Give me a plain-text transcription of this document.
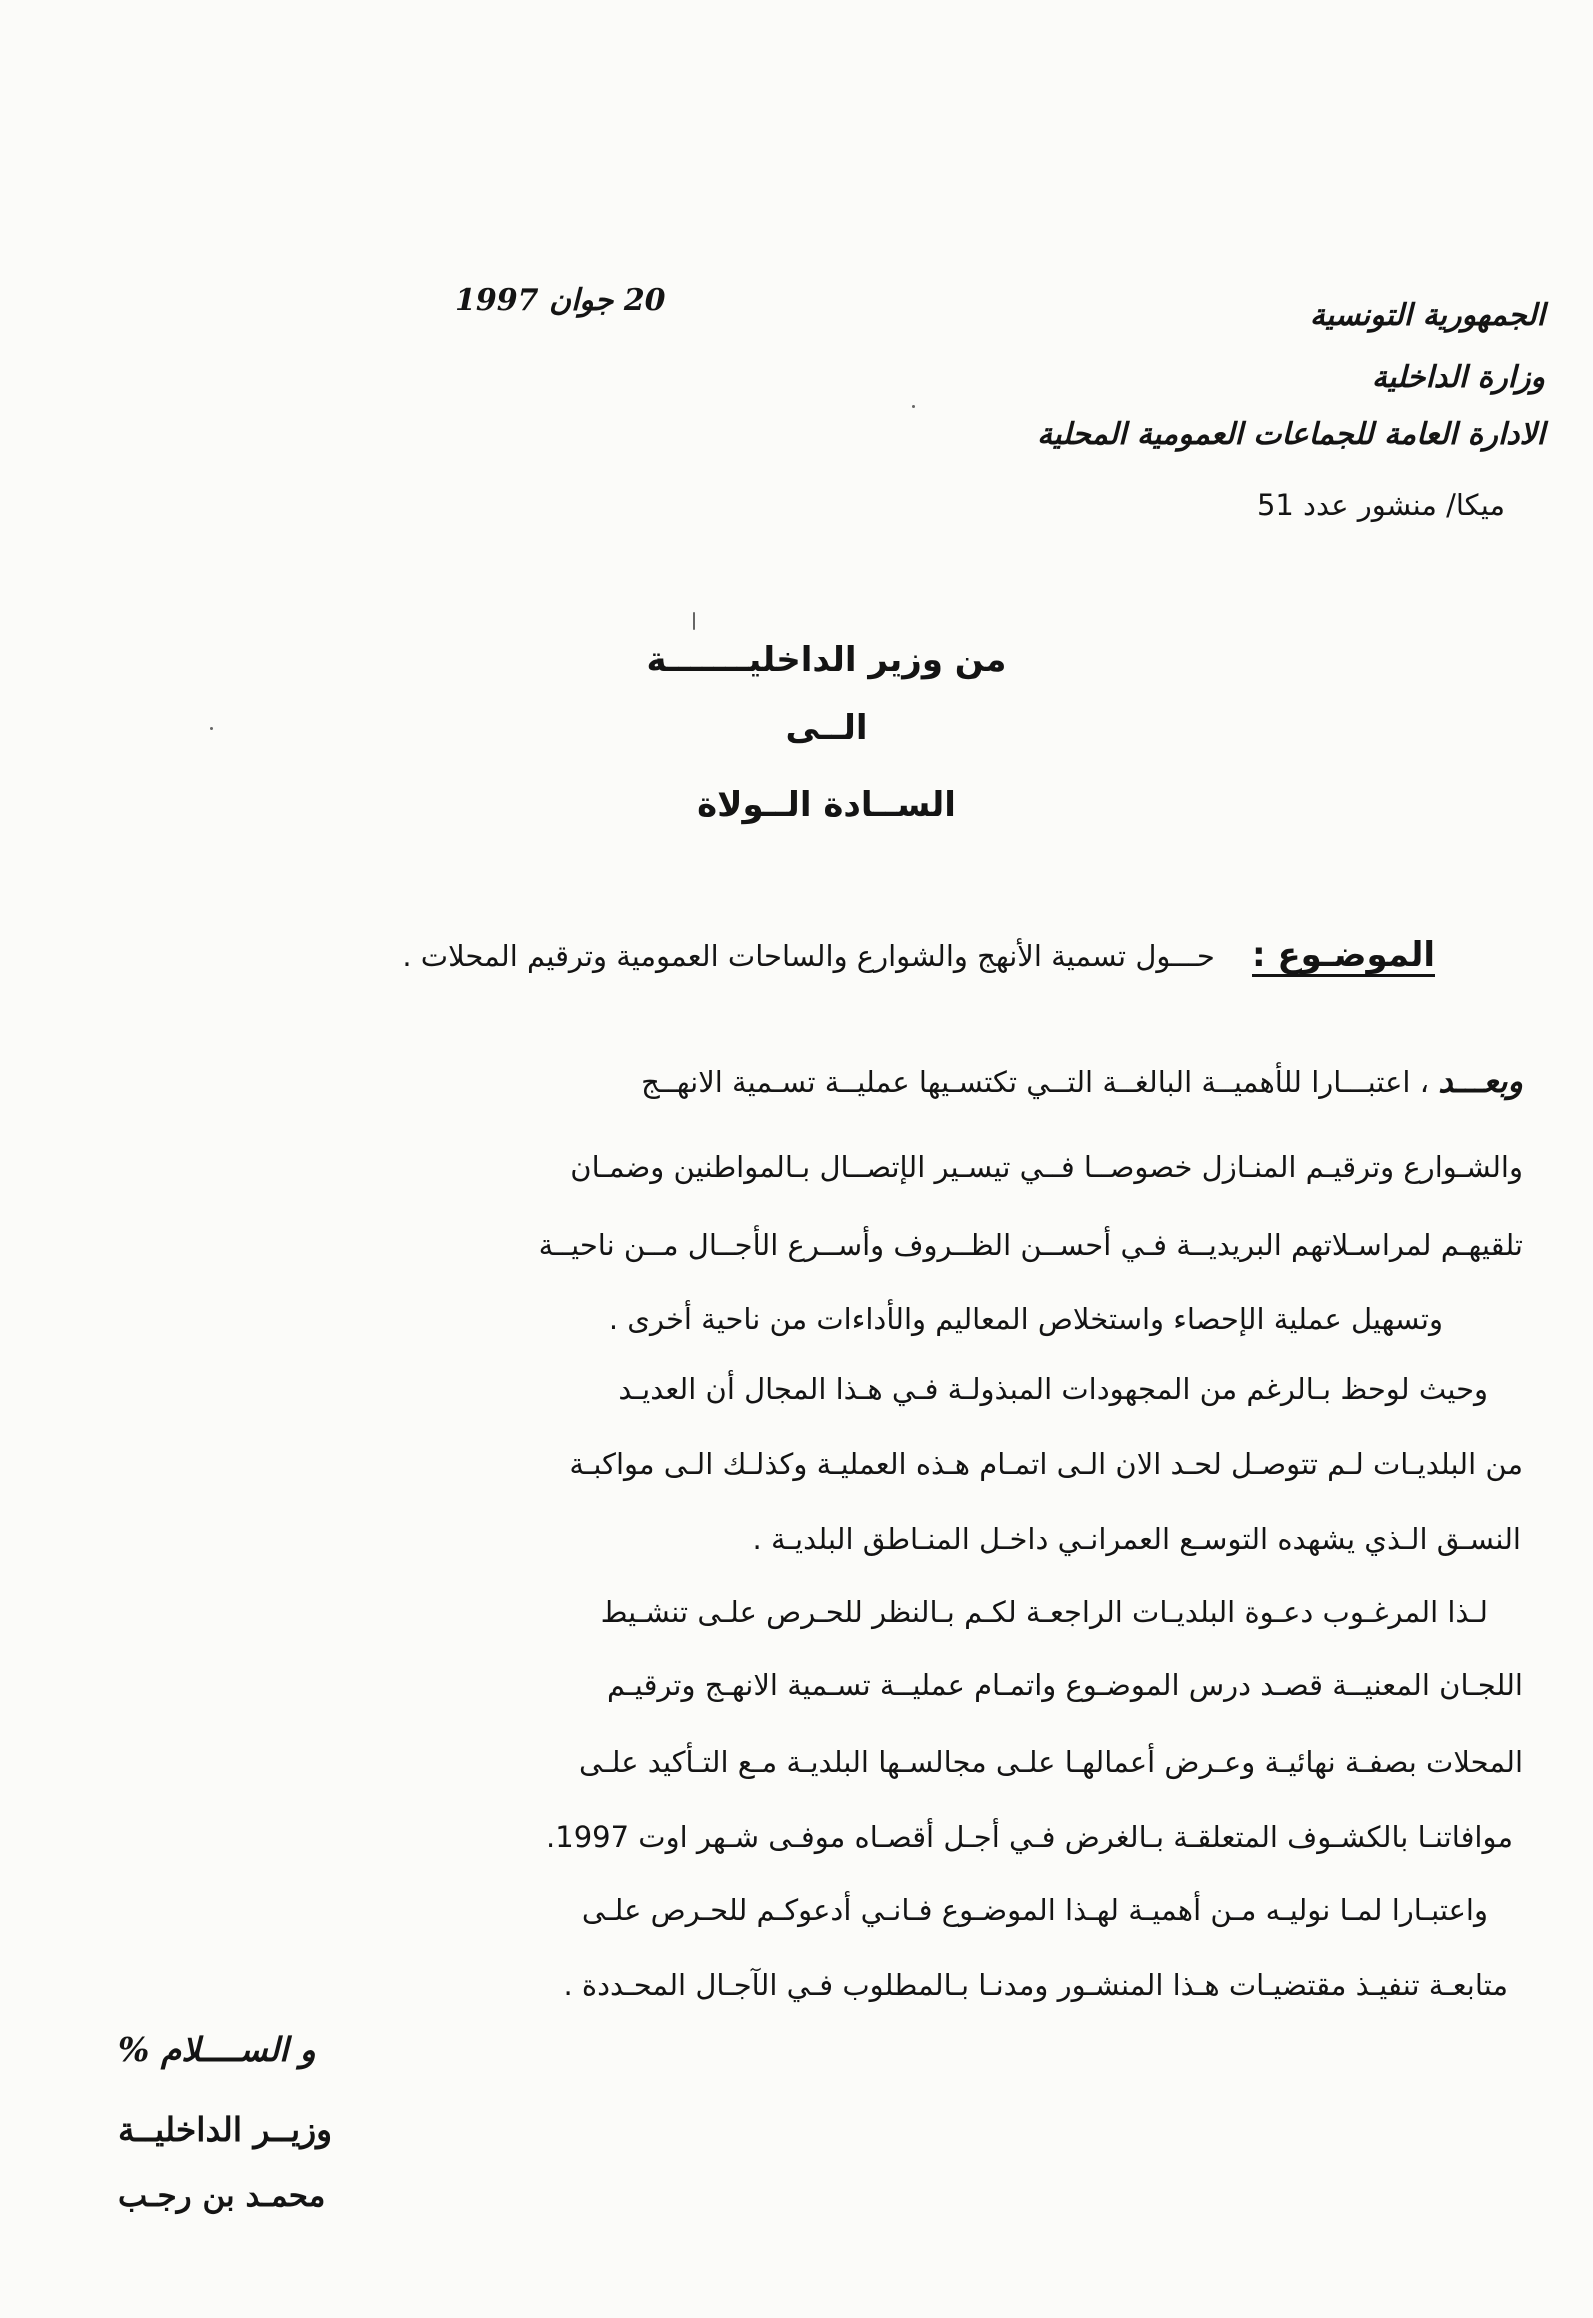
20 جوان 1997	الجمهورية التونسية
وزارة الداخلية
الادارة العامة للجماعات العمومية المحلية
ميكا/ منشور عدد 51
من وزير الداخليـــــــة
الــى
الســادة الــولاة
الموضـوع : حـــول تسمية الأنهج والشوارع والساحات العمومية وترقيم المحلات .
وبعـــد ، اعتبـــارا للأهميــة البالغــة التــي تكتسـيها عمليــة تسـمية الانهــج
والشـوارع وترقيـم المنـازل خصوصــا فــي تيسـير الإتصــال بـالمواطنين وضمـان
تلقيهـم لمراسـلاتهم البريديــة فـي أحســن الظــروف وأســرع الأجــال مــن ناحيــة
وتسهيل عملية الإحصاء واستخلاص المعاليم والأداءات من ناحية أخرى .
وحيث لوحظ بـالرغم من المجهودات المبذولـة فـي هـذا المجال أن العديـد
من البلديـات لـم تتوصـل لحـد الان الـى اتمـام هـذه العمليـة وكذلـك الـى مواكبـة
النسـق الـذي يشهده التوسـع العمرانـي داخـل المنـاطق البلديـة .
لـذا المرغـوب دعـوة البلديـات الراجعـة لكـم بـالنظر للحـرص علـى تنشـيط
اللجـان المعنيــة قصـد درس الموضـوع واتمـام عمليــة تسـمية الانهـج وترقيـم
المحلات بصفـة نهائيـة وعـرض أعمالهـا علـى مجالسـها البلديـة مـع التـأكيد علـى
موافاتنـا بالكشـوف المتعلقـة بـالغرض فـي أجـل أقصـاه موفـى شـهر اوت 1997.
واعتبـارا لمـا نوليـه مـن أهميـة لهـذا الموضـوع فـانـي أدعوكـم للحـرص علـى
متابعـة تنفيـذ مقتضيـات هـذا المنشـور ومدنـا بـالمطلوب فـي الآجـال المحـددة .
و الســــلام %
وزيــر الداخليــة
محمـد بن رجـب
